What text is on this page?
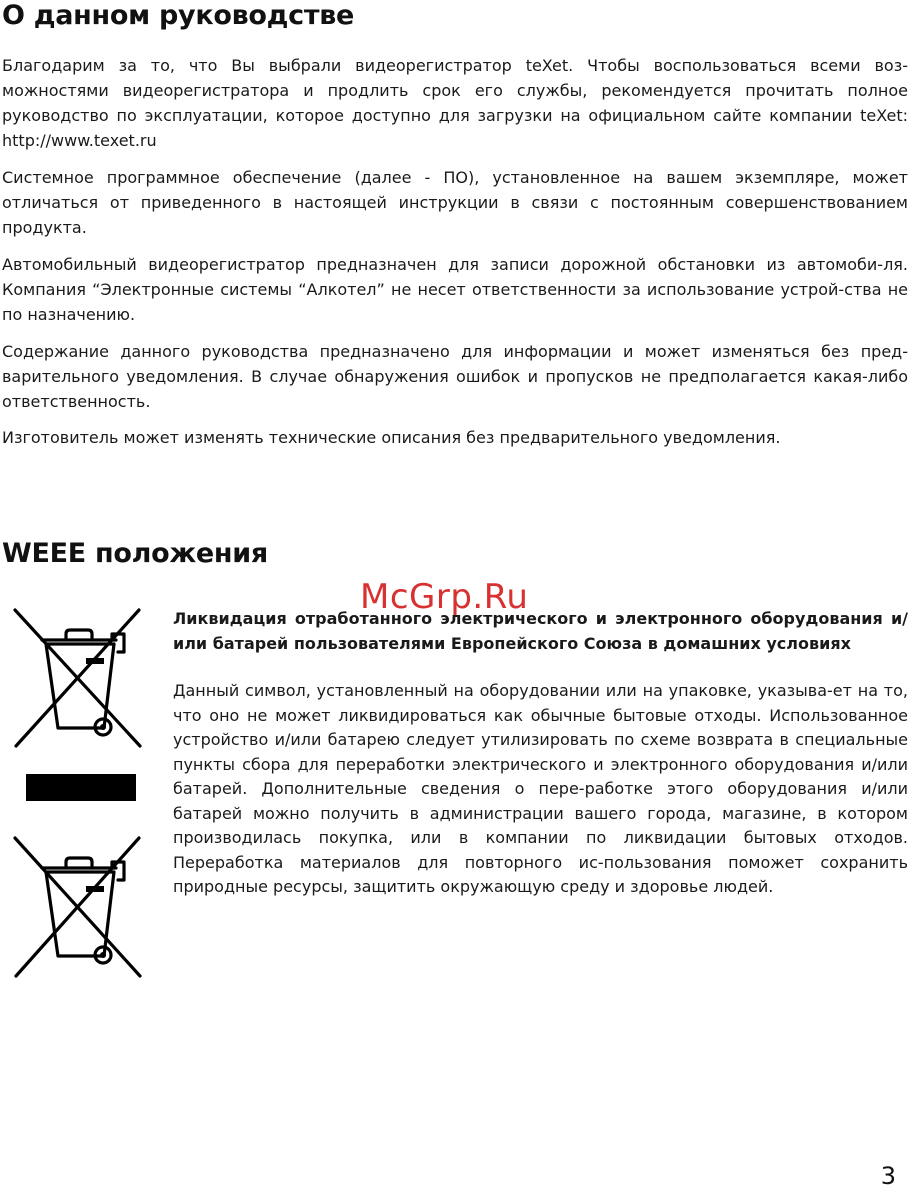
О данном руководстве

Благодарим за то, что Вы выбрали видеорегистратор teXet. Чтобы воспользоваться всеми воз-можностями видеорегистратора и продлить срок его службы, рекомендуется прочитать полное руководство по эксплуатации, которое доступно для загрузки на официальном сайте компании teXet: http://www.texet.ru

Системное программное обеспечение (далее - ПО), установленное на вашем экземпляре, может отличаться от приведенного в настоящей инструкции в связи с постоянным совершенствованием продукта.

Автомобильный видеорегистратор предназначен для записи дорожной обстановки из автомоби-ля. Компания “Электронные системы “Алкотел” не несет ответственности за использование устрой-ства не по назначению.

Содержание данного руководства предназначено для информации и может изменяться без пред-варительного уведомления. В случае обнаружения ошибок и пропусков не предполагается какая-либо ответственность.

Изготовитель может изменять технические описания без предварительного уведомления.

WEEE положения

Ликвидация отработанного электрического и электронного оборудования и/или батарей пользователями Европейского Союза в домашних условиях

Данный символ, установленный на оборудовании или на упаковке, указыва-ет на то, что оно не может ликвидироваться как обычные бытовые отходы. Использованное устройство и/или батарею следует утилизировать по схеме возврата в специальные пункты сбора для переработки электрического и электронного оборудования и/или батарей. Дополнительные сведения о пере-работке этого оборудования и/или батарей можно получить в администрации вашего города, магазине, в котором производилась покупка, или в компании по ликвидации бытовых отходов. Переработка материалов для повторного ис-пользования поможет сохранить природные ресурсы, защитить окружающую среду и здоровье людей.

McGrp.Ru
3
